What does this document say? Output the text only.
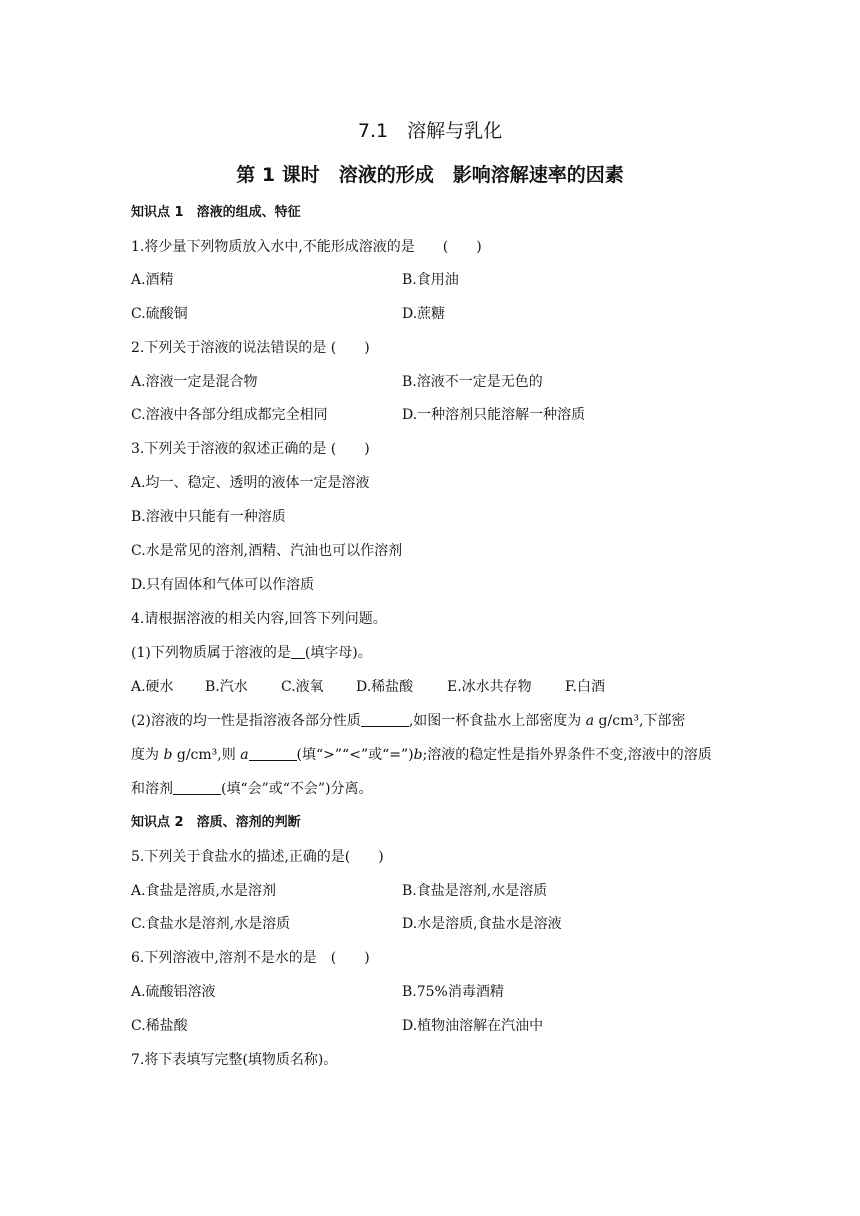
7.1　溶解与乳化
第 1 课时　溶液的形成　影响溶解速率的因素
知识点 1　溶液的组成、特征
1.将少量下列物质放入水中,不能形成溶液的是　　(　　)
A.酒精	B.食用油
C.硫酸铜	D.蔗糖
2.下列关于溶液的说法错误的是 (　　)
A.溶液一定是混合物	B.溶液不一定是无色的
C.溶液中各部分组成都完全相同	D.一种溶剂只能溶解一种溶质
3.下列关于溶液的叙述正确的是 (　　)
A.均一、稳定、透明的液体一定是溶液
B.溶液中只能有一种溶质
C.水是常见的溶剂,酒精、汽油也可以作溶剂
D.只有固体和气体可以作溶质
4.请根据溶液的相关内容,回答下列问题。
(1)下列物质属于溶液的是 (填字母)。
A.硬水 B.汽水 C.液氧 D.稀盐酸 E.冰水共存物 F.白酒
(2)溶液的均一性是指溶液各部分性质	,如图一杯食盐水上部密度为 a g/cm³,下部密
度为 b g/cm³,则 a	(填“>”“<”或“=”)b;溶液的稳定性是指外界条件不变,溶液中的溶质
和溶剂	(填“会”或“不会”)分离。
知识点 2　溶质、溶剂的判断
5.下列关于食盐水的描述,正确的是(　　)
A.食盐是溶质,水是溶剂	B.食盐是溶剂,水是溶质
C.食盐水是溶剂,水是溶质	D.水是溶质,食盐水是溶液
6.下列溶液中,溶剂不是水的是　(　　)
A.硫酸铝溶液	B.75%消毒酒精
C.稀盐酸	D.植物油溶解在汽油中
7.将下表填写完整(填物质名称)。
